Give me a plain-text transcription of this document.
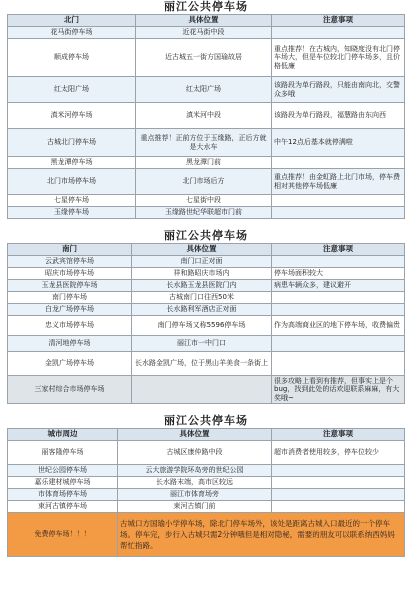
丽江公共停车场		
北门	具体位置	注意事项
花马街停车场	近花马街中段	
顺成停车场	近古城五一街方国瑜故居	重点推荐！在古城内，知晓度没有北门停车场大，但是车位较北门停车场多，且价格低廉
红太阳广场	红太阳广场	该路段为单行路段，只能由南向北，交警众多哦
滇米河停车场	滇米河中段	该路段为单行路段，福慧路由东向西
古城北门停车场	重点推荐！正前方位于玉缘路，正后方就是大水车	中午12点后基本就停满啦
黑龙潭停车场	黑龙潭门前	
北门市场停车场	北门市场后方	重点推荐！由金虹路上北门市场，停车费相对其他停车场低廉
七星停车场	七星街中段	
玉缘停车场	玉缘路世纪华联超市门前	
丽江公共停车场		
南门	具体位置	注意事项
云武宾馆停车场	南门口正对面	
昭庆市场停车场	祥和路昭庆市场内	停车场面积较大
玉龙县医院停车场	长水路玉龙县医院门内	病患车辆众多，建议避开
南门停车场	古城南门口往西50米	
白龙广场停车场	长水路利军酒店正对面	
忠义市场停车场	南门停车场又称5596停车场	作为高端商业区的地下停车场，收费偏贵
清河地停车场	丽江市一中门口	
金凯广场停车场	长水路金凯广场，位于黑山羊美食一条街上	
三家村综合市场停车场		很多攻略上看到有推荐，但事实上是个bug，找到此处的话欢迎联系麻麻，有大奖哦~
丽江公共停车场		
城市周边	具体位置	注意事项
丽客隆停车场	古城区康仲路中段	超市消费者使用较多，停车位较少
世纪公园停车场	云大旅游学院环岛旁的世纪公园	
嘉乐建材城停车场	长水路末端，高市区较远	
市体育场停车场	丽江市体育场旁	
束河古镇停车场	束河古镇门前	
免费停车场！！！	古城口方国瑜小学停车场，除北门停车场外，该处是距离古城入口最近的一个停车场。停车完，步行入古城只需2分钟哦但是相对隐秘，需要的朋友可以联系纳西妈妈帮忙指路。	
